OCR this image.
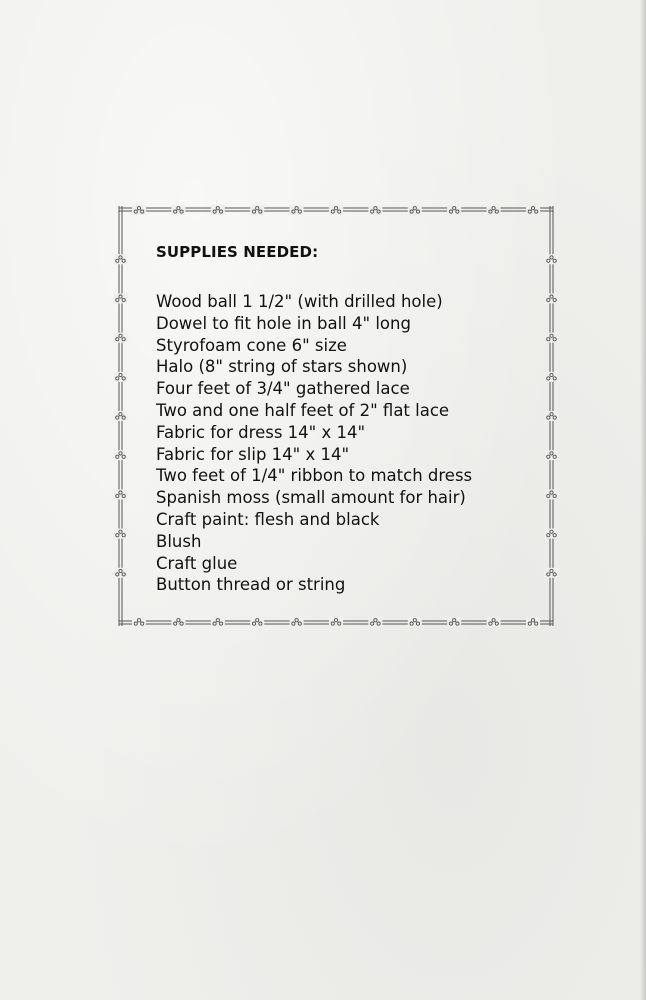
SUPPLIES NEEDED:
Wood ball 1 1/2" (with drilled hole)
Dowel to fit hole in ball 4" long
Styrofoam cone 6" size
Halo (8" string of stars shown)
Four feet of 3/4" gathered lace
Two and one half feet of 2" flat lace
Fabric for dress 14" x 14"
Fabric for slip 14" x 14"
Two feet of 1/4" ribbon to match dress
Spanish moss (small amount for hair)
Craft paint: flesh and black
Blush
Craft glue
Button thread or string
